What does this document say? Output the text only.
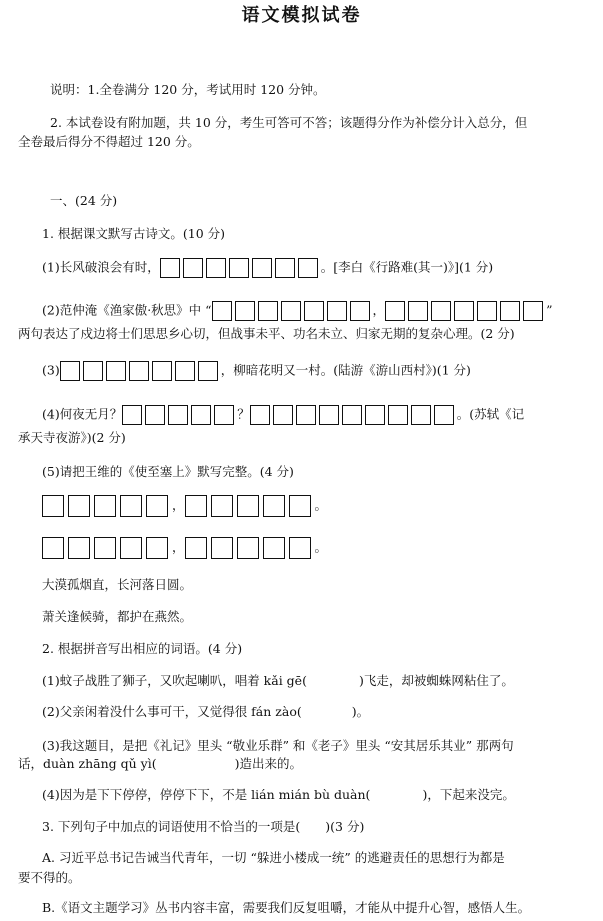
语文模拟试卷
说明：1.全卷满分 120 分，考试用时 120 分钟。
2. 本试卷设有附加题，共 10 分，考生可答可不答；该题得分作为补偿分计入总分，但
全卷最后得分不得超过 120 分。
一、(24 分)
1. 根据课文默写古诗文。(10 分)
(1)长风破浪会有时，	。[李白《行路难(其一)》](1 分)
(2)范仲淹《渔家傲·秋思》中 “	，	”
两句表达了戍边将士们思思乡心切，但战事未平、功名未立、归家无期的复杂心理。(2 分)
(3)	，柳暗花明又一村。(陆游《游山西村》)(1 分)
(4)何夜无月？	？	。(苏轼《记
承天寺夜游》)(2 分)
(5)请把王维的《使至塞上》默写完整。(4 分)
，	。
，	。
大漠孤烟直，长河落日圆。
萧关逢候骑，都护在燕然。
2. 根据拼音写出相应的词语。(4 分)
(1)蚊子战胜了狮子，又吹起喇叭，唱着 kǎi gē(	)飞走，却被蜘蛛网粘住了。
(2)父亲闲着没什么事可干，又觉得很 fán zào(	)。
(3)我这题目，是把《礼记》里头 “敬业乐群” 和《老子》里头 “安其居乐其业” 那两句
话，duàn zhāng qǔ yì(	)造出来的。
(4)因为是下下停停，停停下下，不是 lián mián bù duàn(	)，下起来没完。
3. 下列句子中加点的词语使用不恰当的一项是(　　)(3 分)
A. 习近平总书记告诫当代青年，一切 “躲进小楼成一统” 的逃避责任的思想行为都是
要不得的。
B.《语文主题学习》丛书内容丰富，需要我们反复咀嚼，才能从中提升心智，感悟人生。
